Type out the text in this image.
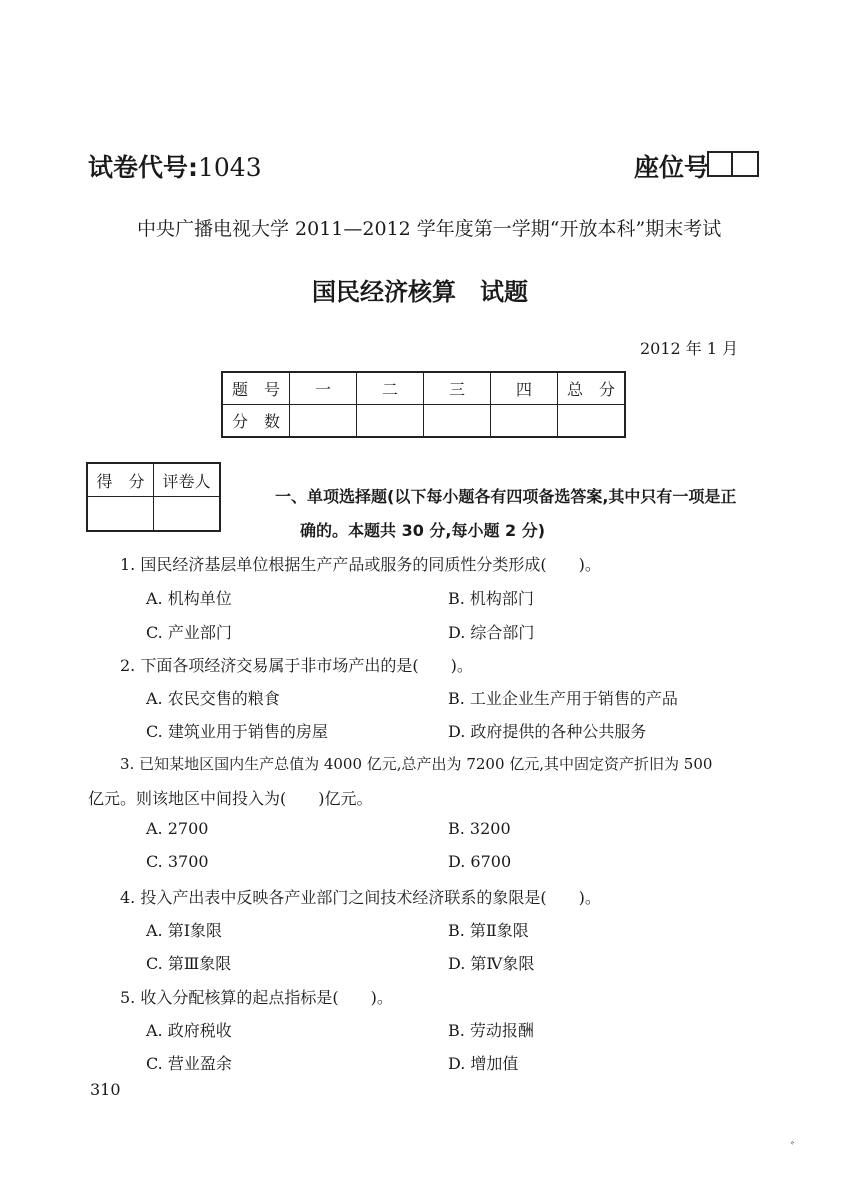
试卷代号:1043	座位号
中央广播电视大学 2011—2012 学年度第一学期“开放本科”期末考试
国民经济核算　试题
2012 年 1 月
题　号	一	二	三	四	总　分
分　数					
得　分	评卷人

一、单项选择题(以下每小题各有四项备选答案,其中只有一项是正
确的。本题共 30 分,每小题 2 分)
1. 国民经济基层单位根据生产产品或服务的同质性分类形成(　　)。
A. 机构单位	B. 机构部门
C. 产业部门	D. 综合部门
2. 下面各项经济交易属于非市场产出的是(　　)。
A. 农民交售的粮食	B. 工业企业生产用于销售的产品
C. 建筑业用于销售的房屋	D. 政府提供的各种公共服务
3. 已知某地区国内生产总值为 4000 亿元,总产出为 7200 亿元,其中固定资产折旧为 500
亿元。则该地区中间投入为(　　)亿元。
A. 2700	B. 3200
C. 3700	D. 6700
4. 投入产出表中反映各产业部门之间技术经济联系的象限是(　　)。
A. 第Ⅰ象限	B. 第Ⅱ象限
C. 第Ⅲ象限	D. 第Ⅳ象限
5. 收入分配核算的起点指标是(　　)。
A. 政府税收	B. 劳动报酬
C. 营业盈余	D. 增加值
310
ﾞ
